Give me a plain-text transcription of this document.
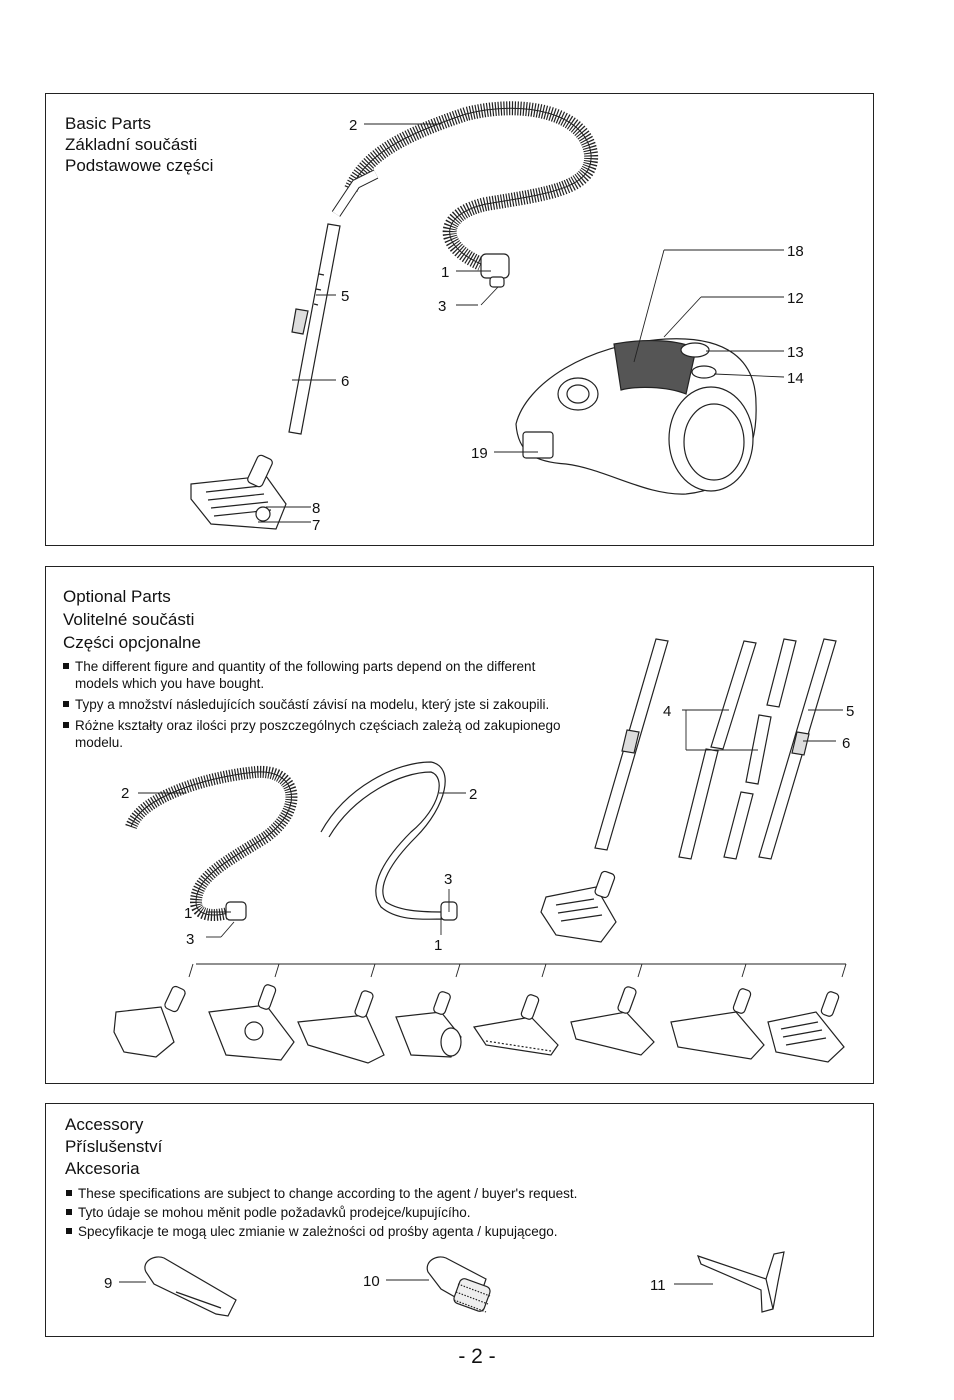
Basic Parts

Základní součásti

Podstawowe części

2
1
3
5
6
8
7
18
12
13
14
19

Optional Parts

Volitelné součásti

Części opcjonalne

The different figure and quantity of the following parts depend on the different models which you have bought.
Typy a množství následujících součástí závisí na modelu, který jste si zakoupili.
Różne kształty oraz ilości przy poszczególnych częściach zależą od zakupionego modelu.
2	2
1
3
3
1
4	5
6

Accessory

Příslušenství

Akcesoria

These specifications are subject to change according to the agent / buyer's request.
Tyto údaje se mohou měnit podle požadavků prodejce/kupujícího.
Specyfikacje te mogą ulec zmianie w zależności od prośby agenta / kupującego.
9	10	11
- 2 -
